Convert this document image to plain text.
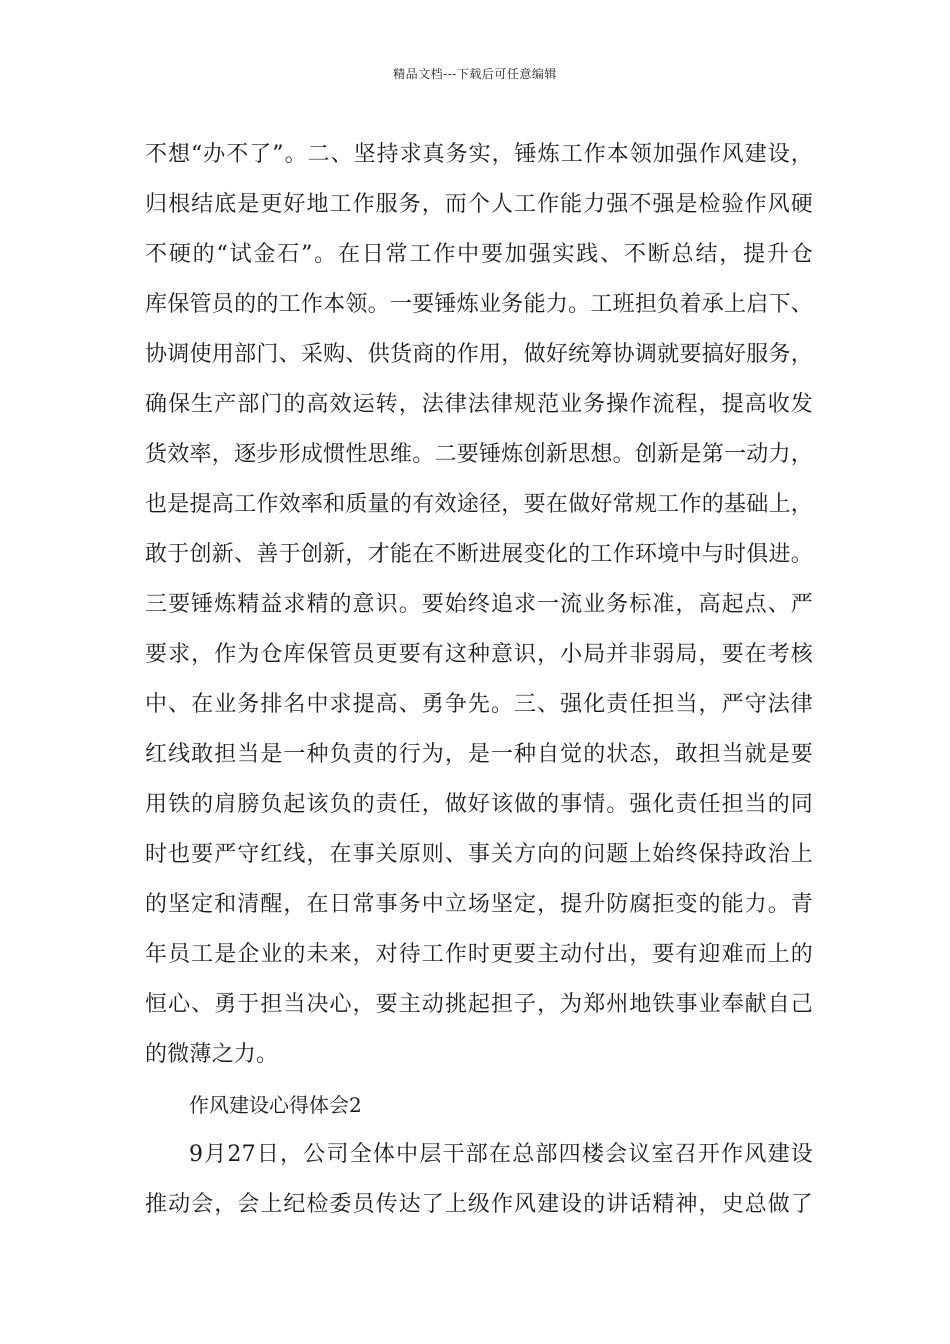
精品文档---下载后可任意编辑
不想“办不了”。二、坚持求真务实，锤炼工作本领加强作风建设，
归根结底是更好地工作服务，而个人工作能力强不强是检验作风硬
不硬的“试金石”。在日常工作中要加强实践、不断总结，提升仓
库保管员的的工作本领。一要锤炼业务能力。工班担负着承上启下、
协调使用部门、采购、供货商的作用，做好统筹协调就要搞好服务，
确保生产部门的高效运转，法律法律规范业务操作流程，提高收发
货效率，逐步形成惯性思维。二要锤炼创新思想。创新是第一动力，
也是提高工作效率和质量的有效途径，要在做好常规工作的基础上，
敢于创新、善于创新，才能在不断进展变化的工作环境中与时俱进。
三要锤炼精益求精的意识。要始终追求一流业务标准，高起点、严
要求，作为仓库保管员更要有这种意识，小局并非弱局，要在考核
中、在业务排名中求提高、勇争先。三、强化责任担当，严守法律
红线敢担当是一种负责的行为，是一种自觉的状态，敢担当就是要
用铁的肩膀负起该负的责任，做好该做的事情。强化责任担当的同
时也要严守红线，在事关原则、事关方向的问题上始终保持政治上
的坚定和清醒，在日常事务中立场坚定，提升防腐拒变的能力。青
年员工是企业的未来，对待工作时更要主动付出，要有迎难而上的
恒心、勇于担当决心，要主动挑起担子，为郑州地铁事业奉献自己
的微薄之力。
作风建设心得体会2
9月27日，公司全体中层干部在总部四楼会议室召开作风建设
推动会，会上纪检委员传达了上级作风建设的讲话精神，史总做了
